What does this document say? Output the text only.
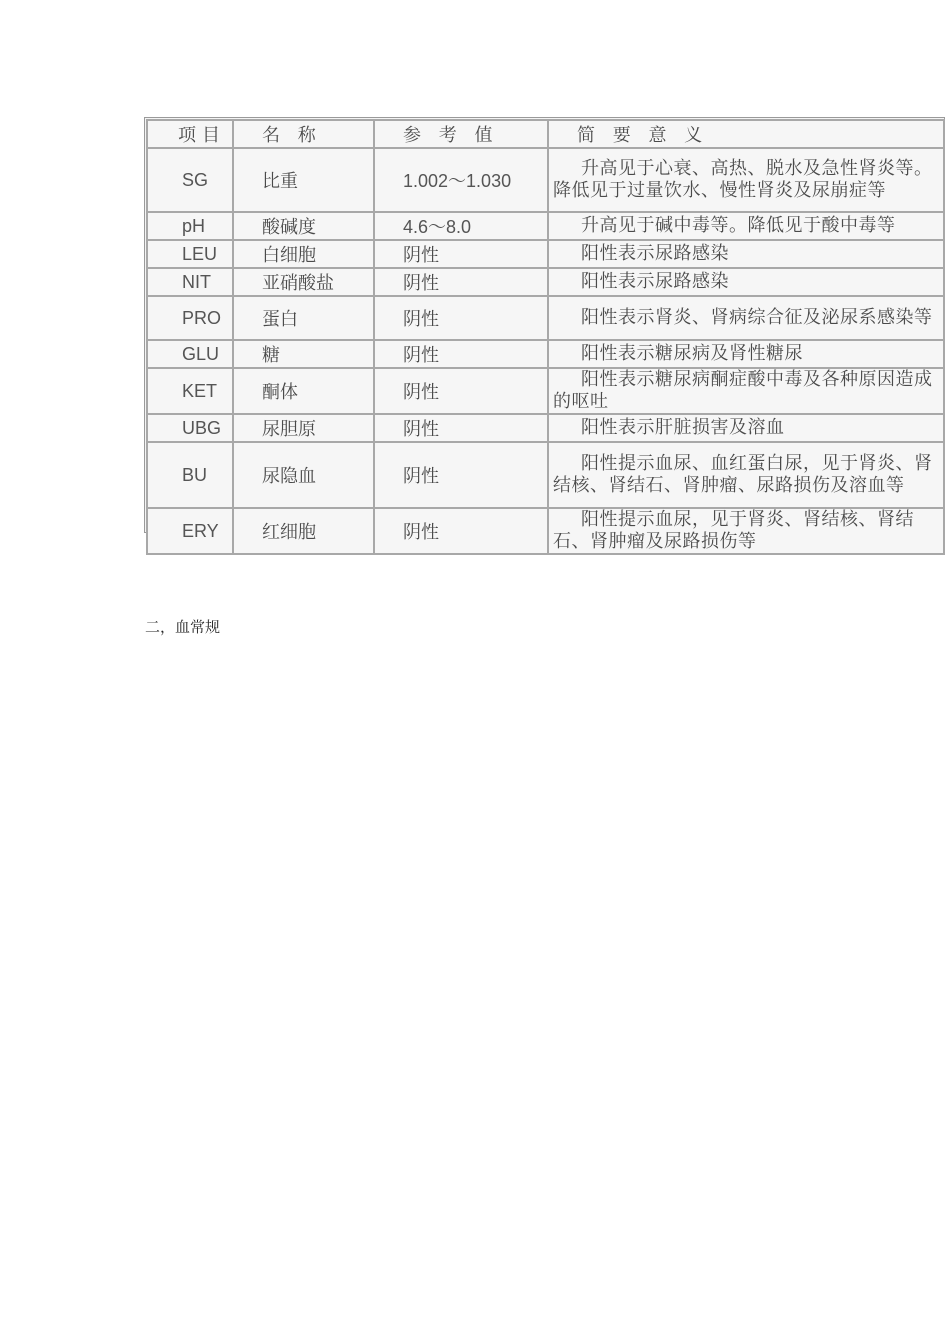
项目	名 称	参 考 值	简 要 意 义
SG	比重	1.002～1.030	升高见于心衰、高热、脱水及急性肾炎等。降低见于过量饮水、慢性肾炎及尿崩症等
pH	酸碱度	4.6～8.0	升高见于碱中毒等。降低见于酸中毒等
LEU	白细胞	阴性	阳性表示尿路感染
NIT	亚硝酸盐	阴性	阳性表示尿路感染
PRO	蛋白	阴性	阳性表示肾炎、肾病综合征及泌尿系感染等
GLU	糖	阴性	阳性表示糖尿病及肾性糖尿
KET	酮体	阴性	阳性表示糖尿病酮症酸中毒及各种原因造成的呕吐
UBG	尿胆原	阴性	阳性表示肝脏损害及溶血
BU	尿隐血	阴性	阳性提示血尿、血红蛋白尿，见于肾炎、肾结核、肾结石、肾肿瘤、尿路损伤及溶血等
ERY	红细胞	阴性	阳性提示血尿，见于肾炎、肾结核、肾结石、肾肿瘤及尿路损伤等
二，血常规
